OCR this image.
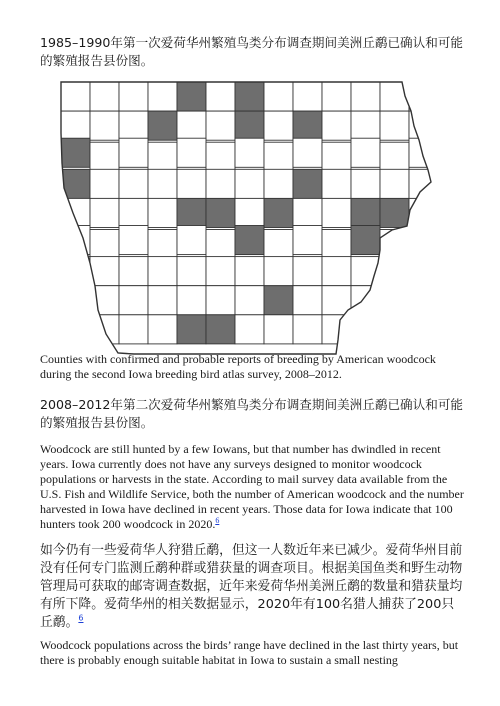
1985–1990年第一次爱荷华州繁殖鸟类分布调查期间美洲丘鹬已确认和可能的繁殖报告县份图。
Counties with confirmed and probable reports of breeding by American woodcock during the second Iowa breeding bird atlas survey, 2008–2012.
2008–2012年第二次爱荷华州繁殖鸟类分布调查期间美洲丘鹬已确认和可能的繁殖报告县份图。
Woodcock are still hunted by a few Iowans, but that number has dwindled in recent years. Iowa currently does not have any surveys designed to monitor woodcock populations or harvests in the state. According to mail survey data available from the U.S. Fish and Wildlife Service, both the number of American woodcock and the number harvested in Iowa have declined in recent years. Those data for Iowa indicate that 100 hunters took 200 woodcock in 2020.$^6$
如今仍有一些爱荷华人狩猎丘鹬，但这一人数近年来已减少。爱荷华州目前没有任何专门监测丘鹬种群或猎获量的调查项目。根据美国鱼类和野生动物管理局可获取的邮寄调查数据，近年来爱荷华州美洲丘鹬的数量和猎获量均有所下降。爱荷华州的相关数据显示，2020年有100名猎人捕获了200只丘鹬。$^6$
Woodcock populations across the birds’ range have declined in the last thirty years, but there is probably enough suitable habitat in Iowa to sustain a small nesting
